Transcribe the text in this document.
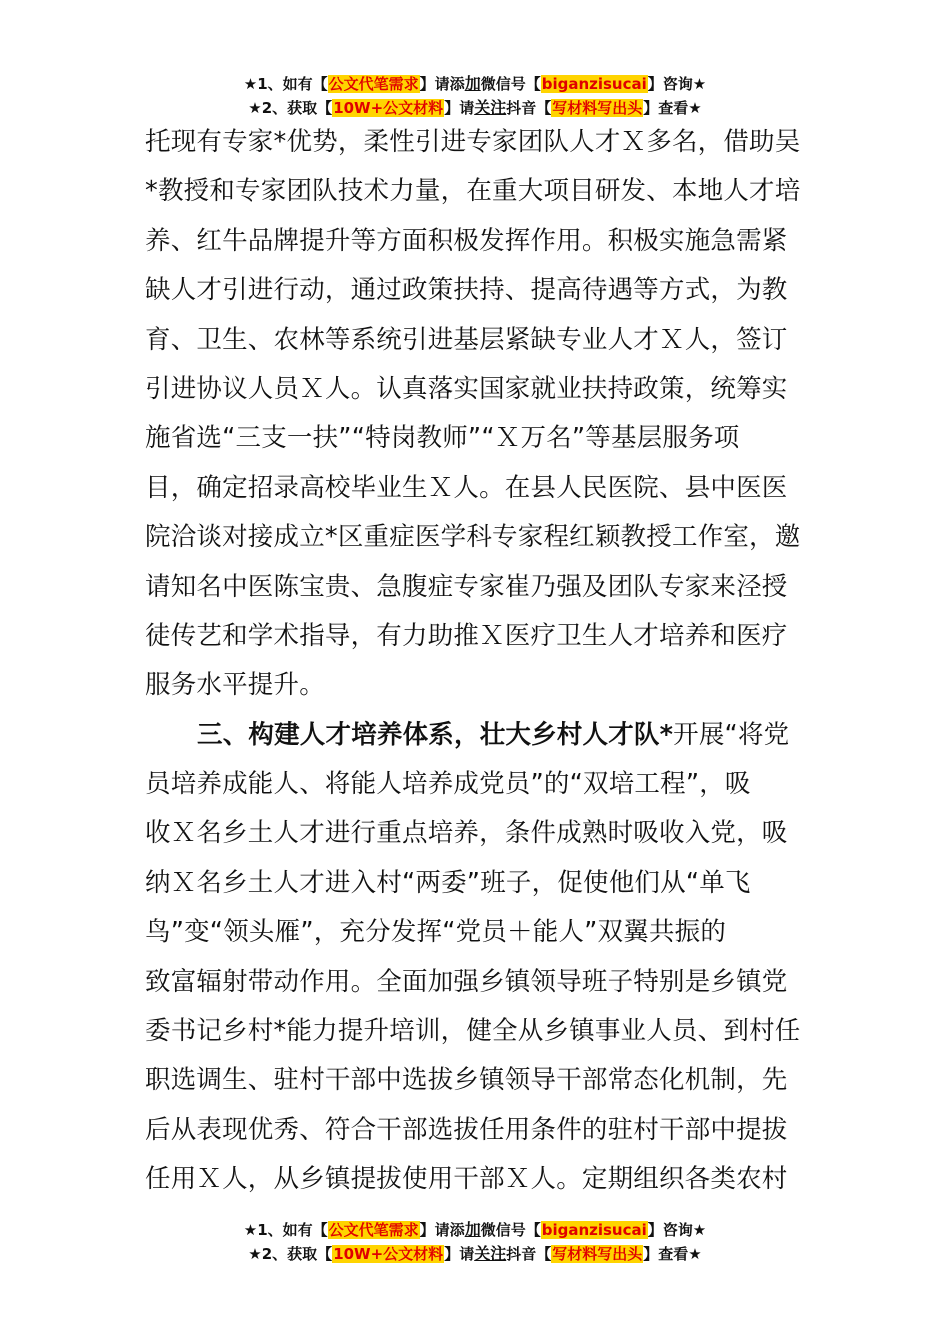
★1、如有【公文代笔需求】请添加微信号【biganzisucai】咨询★
★2、获取【10W+公文材料】请关注抖音【写材料写出头】查看★
托现有专家*优势，柔性引进专家团队人才Ｘ多名，借助吴
*教授和专家团队技术力量，在重大项目研发、本地人才培
养、红牛品牌提升等方面积极发挥作用。积极实施急需紧
缺人才引进行动，通过政策扶持、提高待遇等方式，为教
育、卫生、农林等系统引进基层紧缺专业人才Ｘ人，签订
引进协议人员Ｘ人。认真落实国家就业扶持政策，统筹实
施省选“三支一扶”“特岗教师”“Ｘ万名”等基层服务项
目，确定招录高校毕业生Ｘ人。在县人民医院、县中医医
院洽谈对接成立*区重症医学科专家程红颖教授工作室，邀
请知名中医陈宝贵、急腹症专家崔乃强及团队专家来泾授
徒传艺和学术指导，有力助推Ｘ医疗卫生人才培养和医疗
服务水平提升。
三、构建人才培养体系，壮大乡村人才队*开展“将党
员培养成能人、将能人培养成党员”的“双培工程”，吸
收Ｘ名乡土人才进行重点培养，条件成熟时吸收入党，吸
纳Ｘ名乡土人才进入村“两委”班子，促使他们从“单飞
鸟”变“领头雁”，充分发挥“党员＋能人”双翼共振的
致富辐射带动作用。全面加强乡镇领导班子特别是乡镇党
委书记乡村*能力提升培训，健全从乡镇事业人员、到村任
职选调生、驻村干部中选拔乡镇领导干部常态化机制，先
后从表现优秀、符合干部选拔任用条件的驻村干部中提拔
任用Ｘ人，从乡镇提拔使用干部Ｘ人。定期组织各类农村
★1、如有【公文代笔需求】请添加微信号【biganzisucai】咨询★
★2、获取【10W+公文材料】请关注抖音【写材料写出头】查看★
